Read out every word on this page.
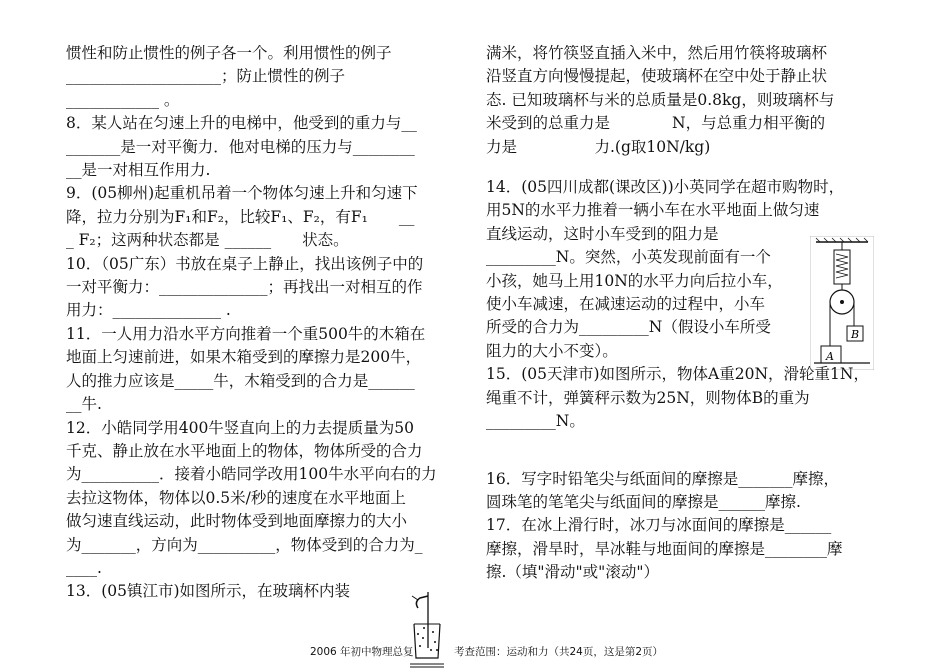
惯性和防止惯性的例子各一个。利用惯性的例子

____________________；防止惯性的例子

____________ 。

8．某人站在匀速上升的电梯中，他受到的重力与__

_______是一对平衡力．他对电梯的压力与________

__是一对相互作用力.

9．(05柳州)起重机吊着一个物体匀速上升和匀速下

降，拉力分别为F₁和F₂，比较F₁、F₂，有F₁　　__

_ F₂；这两种状态都是 ______　　状态。

10．（05广东）书放在桌子上静止，找出该例子中的

一对平衡力：______________；再找出一对相互的作

用力：______________ .

11．一人用力沿水平方向推着一个重500牛的木箱在

地面上匀速前进，如果木箱受到的摩擦力是200牛，

人的推力应该是_____牛，木箱受到的合力是______

__牛.

12．小皓同学用400牛竖直向上的力去提质量为50

千克、静止放在水平地面上的物体，物体所受的合力

为__________．接着小皓同学改用100牛水平向右的力

去拉这物体，物体以0.5米/秒的速度在水平地面上

做匀速直线运动，此时物体受到地面摩擦力的大小

为_______，方向为__________，物体受到的合力为_

____.

13．(05镇江市)如图所示，在玻璃杯内装

满米，将竹筷竖直插入米中，然后用竹筷将玻璃杯

沿竖直方向慢慢提起，使玻璃杯在空中处于静止状

态. 已知玻璃杯与米的总质量是0.8kg，则玻璃杯与

米受到的总重力是　　　　N，与总重力相平衡的

力是　　　　　力.(g取10N/kg)

14．(05四川成都(课改区))小英同学在超市购物时，

用5N的水平力推着一辆小车在水平地面上做匀速

直线运动，这时小车受到的阻力是

_________N。突然，小英发现前面有一个

小孩，她马上用10N的水平力向后拉小车，

使小车减速，在减速运动的过程中，小车

所受的合力为_________N（假设小车所受

阻力的大小不变）。

15．(05天津市)如图所示，物体A重20N，滑轮重1N，

绳重不计，弹簧秤示数为25N，则物体B的重为

_________N。

16．写字时铅笔尖与纸面间的摩擦是_______摩擦，

圆珠笔的笔笔尖与纸面间的摩擦是______摩擦.

17．在冰上滑行时，冰刀与冰面间的摩擦是______

摩擦，滑旱时，旱冰鞋与地面间的摩擦是________摩

擦.（填"滑动"或"滚动"）

B
A
2006 年初中物理总复	考查范围：运动和力（共24页，这是第2页）
